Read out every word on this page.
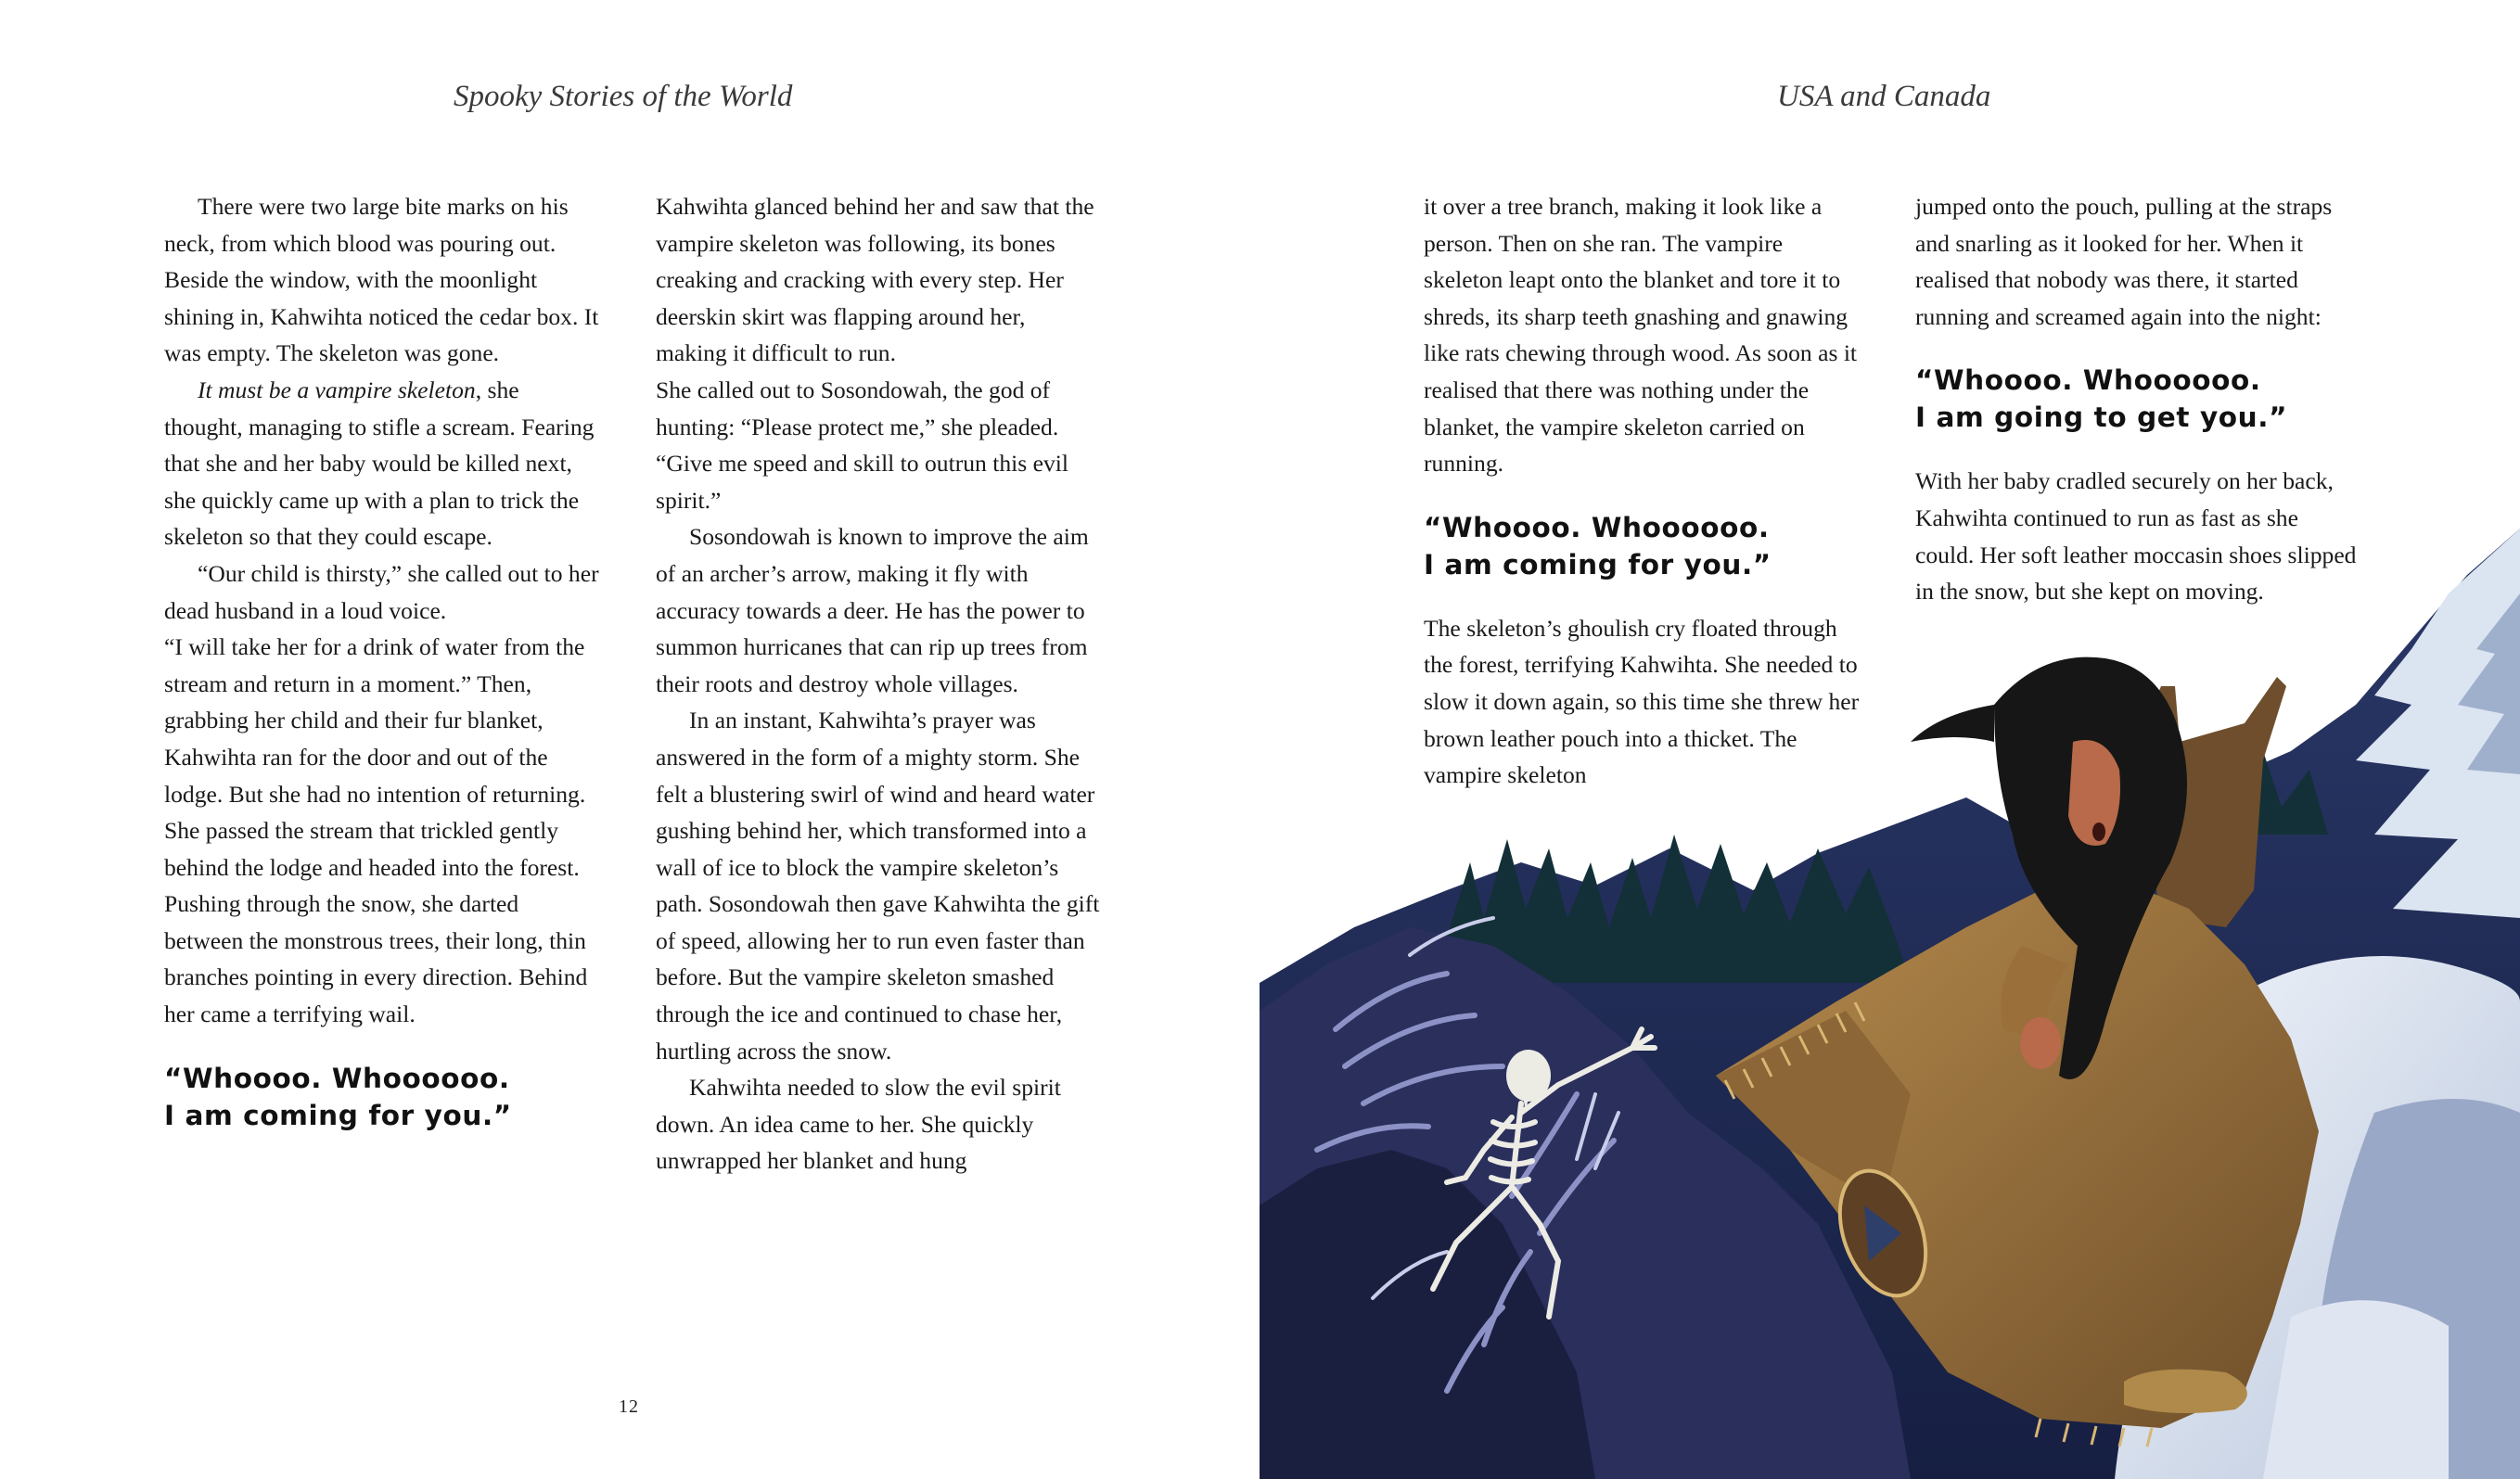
Spooky Stories of the World

There were two large bite marks on his neck, from which blood was pouring out. Beside the window, with the moonlight shining in, Kahwihta noticed the cedar box. It was empty. The skeleton was gone.

It must be a vampire skeleton, she thought, managing to stifle a scream. Fearing that she and her baby would be killed next, she quickly came up with a plan to trick the skeleton so that they could escape.

“Our child is thirsty,” she called out to her dead husband in a loud voice.

“I will take her for a drink of water from the stream and return in a moment.” Then, grabbing her child and their fur blanket, Kahwihta ran for the door and out of the lodge. But she had no intention of returning. She passed the stream that trickled gently behind the lodge and headed into the forest. Pushing through the snow, she darted between the monstrous trees, their long, thin branches pointing in every direction. Behind her came a terrifying wail.

“Whoooo. Whoooooo.
I am coming for you.”

Kahwihta glanced behind her and saw that the vampire skeleton was following, its bones creaking and cracking with every step. Her deerskin skirt was flapping around her, making it difficult to run.

She called out to Sosondowah, the god of hunting: “Please protect me,” she pleaded. “Give me speed and skill to outrun this evil spirit.”

Sosondowah is known to improve the aim of an archer’s arrow, making it fly with accuracy towards a deer. He has the power to summon hurricanes that can rip up trees from their roots and destroy whole villages.

In an instant, Kahwihta’s prayer was answered in the form of a mighty storm. She felt a blustering swirl of wind and heard water gushing behind her, which transformed into a wall of ice to block the vampire skeleton’s path. Sosondowah then gave Kahwihta the gift of speed, allowing her to run even faster than before. But the vampire skeleton smashed through the ice and continued to chase her, hurtling across the snow.

Kahwihta needed to slow the evil spirit down. An idea came to her. She quickly unwrapped her blanket and hung

12
USA and Canada

it over a tree branch, making it look like a person. Then on she ran. The vampire skeleton leapt onto the blanket and tore it to shreds, its sharp teeth gnashing and gnawing like rats chewing through wood. As soon as it realised that there was nothing under the blanket, the vampire skeleton carried on running.

“Whoooo. Whoooooo.
I am coming for you.”

The skeleton’s ghoulish cry floated through the forest, terrifying Kahwihta. She needed to slow it down again, so this time she threw her brown leather pouch into a thicket. The vampire skeleton

jumped onto the pouch, pulling at the straps and snarling as it looked for her. When it realised that nobody was there, it started running and screamed again into the night:

“Whoooo. Whoooooo.
I am going to get you.”

With her baby cradled securely on her back, Kahwihta continued to run as fast as she could. Her soft leather moccasin shoes slipped in the snow, but she kept on moving.
